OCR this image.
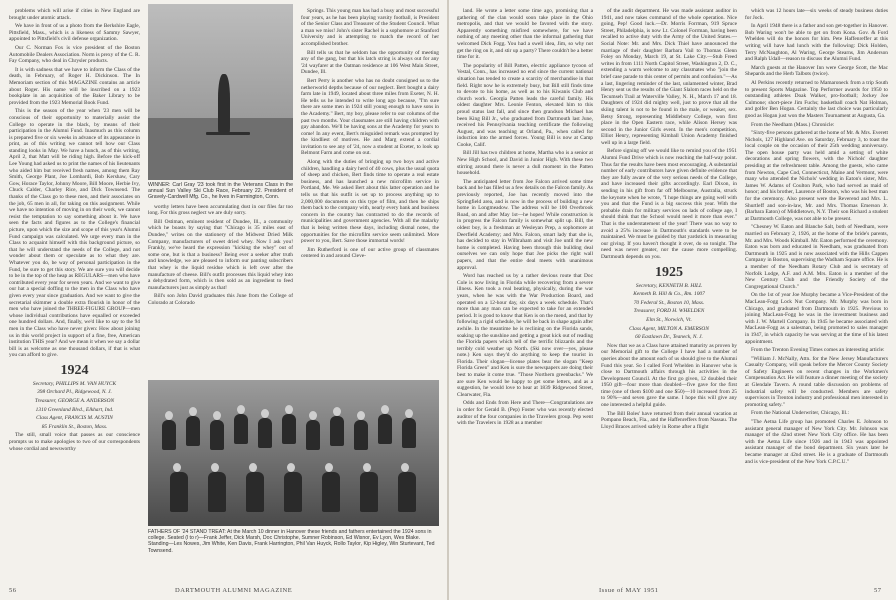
problems which will arise if cities in New England are brought under atomic attack.

We have in front of us a photo from the Berkshire Eagle, Pittsfield, Mass., which is a likeness of Sammy Sawyer, appointed to Pittsfield's civil defense organization.

Our C. Norman Fox is vice president of the Boston Automobile Dealers Association. Norm is prexy of the C. R. Fay Company, who deal in Chrysler products.

It is with sadness that we have to inform the Class of the death, in February, of Roger H. Dickinson. The In Memoriam section of this MAGAZINE contains an article about Roger. His name will be inscribed on a 1923 bookplate in an acquisition of the Baker Library to be provided from the 1923 Memorial Book Fund.

This is the season of the year when '23 men will be conscious of their opportunity to materially assist the College to operate in the black, by means of their participation in the Alumni Fund. Inasmuch as this column is prepared five or six weeks in advance of its appearance in print, as of this writing we cannot tell how our Class standing looks in May. We have a hunch, as of this writing, April 2, that Matt will be riding high. Before the kick-off Lee Young had asked us to print the names of his lieutenants who aided him but received fresh names, among them Ray Smith, George Plant, Joe Lombardi, Bob Kershaw, Cary Gow, Horace Taylor, Johnny Moore, Bill Moore, Herbie Ivy, Chuck Calder, Charley Rice, and Dick Townsend. The thanks of the Class go to these men, and their associates on the job, 65 men in all, for taking on this assignment. While we have no intention of moving in on their work, we cannot resist the temptation to say something about it. We have seen the facts and figures as to the College's financial picture, upon which the size and scope of this year's Alumni Fund campaign was calculated. We urge every man in the Class to acquaint himself with this background picture, so that he will understand the needs of the College, and not wonder about them or speculate as to what they are. Whatever you do, be way of personal participation in the Fund, be sure to get this story. We are sure you will decide to be in the top of the heap as REGULARS—men who have contributed every year for seven years. And we want to give our hat a special doffing to the men in the Class who have given every year since graduation. And we want to give the secretarial skimmer a double extra flourish in honor of the men who have joined the THREE-FIGURE GROUP—men whose individual contributions have equalled or exceeded one hundred dollars. And, finally, we'd like to say to the 94 men in the Class who have never given: How about joining us in this world project in support of a fine, free, American institution THIS year? And we mean it when we say a dollar bill is as welcome as one thousand dollars, if that is what you can afford to give.

1924

Secretary, PHILLIPS M. VAN HUYCK

398 Orchard Pl., Ridgewood, N. J.

Treasurer, GEORGE A. ANDERSON

1310 Greenland Blvd., Elkhart, Ind.

Class Agent, FRANCIS M. AUSTIN

85 Franklin St., Boston, Mass.

The still, small voice that passes as our conscience prompts us to make apologies to two of our correspondents whose cordial and newsworthy

WINNER: Carl Gray '23 took first in the Veterans Class in the annual Sun Valley Ski Club Race, February 22. President of Gravely-Cardwell Mfg. Co., he lives in Farmington, Conn.

worthy letters have been accumulating dust in our files far too long. For this gross neglect we are duly sorry.

Bill Ostiman, eminent resident of Dundee, Ill., a community which he boasts by saying that "Chicago is 35 miles east of Dundee," writes on the stationery of the Midwest Dried Milk Company, manufacturers of sweet dried whey. Now I ask you! Frankly, we've heard the expression "kicking the whey" out of some one, but is that a business? Being ever a seeker after truth and knowledge, we are pleased to inform our panting subscribers that whey is the liquid residue which is left over after the manufacture of cheese. Bill's outfit processes this liquid whey into a dehydrated form, which is then sold as an ingredient to feed manufacturers just as simply as that!

Bill's son John David graduates this June from the College of Colorado at Colorado

Springs. This young man has had a busy and most successful four years, as he has been playing varsity football, is President of the Senior Class and Treasurer of the Student Council. What a man we miss! John's sister Rachel is a sophomore at Stanford University and is attempting to match the record of her accomplished brother.

Bill tells us that he seldom has the opportunity of meeting any of the gang, but that his latch string is always out for any '24 wayfarer at the Oatman residence at 106 West Main Street, Dundee, Ill.

Bert Perry is another who has no doubt consigned us to the netherworld depths because of our neglect. Bert bought a dairy farm late in 1949, located about three miles from Exeter, N. H. He tells us he intended to write long ago because, "I'm sure there are some men in 1924 still young enough to have sons in the Academy." Bert, my boy, please refer to our columns of the past two months. Your classmates are still having children with gay abandon. We'll be having sons at the Academy for years to come! In any event, Bert's misguided remark was prompted by the kindliest of motives. He and Marg extend a cordial invitation to see any of '24, now a student at Exeter, to look up Belmont Farm and come on out.

Along with the duties of bringing up two boys and active children, handling a dairy herd of 40 cows, plus the usual quota of sheep and chicken, Bert finds time to operate a real estate business, and has launched a new microfilm service in Portland, Me. We asked Bert about this latter operation and he tells us that his outfit is set up to process anything up to 2,000,000 documents on this type of film, and then he ships them back to the company with, nearly every bank and business concern in the country has contracted to do the records of municipalities and government agencies. With all the malarky that is being written these days, including dismal notes, the opportunities for the microfilm service seem unlimited. More power to you, Bert. Save those immortal words!

Jim Rutherford is one of our active group of classmates centered in and around Cleve-

FATHERS OF '24 STAND TREAT: At the March 10 dinner in Hanover these friends and fathers entertained the 1924 sons in college. Seated (l to r)—Frank Jeffer, Dick Marsh, Doc Christophe, Sumner Robinson, Ed Wisnor, Ev Lyon, Wes Blake. Standing—Les Nowes, Jim White, Ken Davis, Frank Harrington, Phil Van Huyck, Rollo Taylor, Kip Higley, Win Sturtevant, Ted Townsend.

56	DARTMOUTH ALUMNI MAGAZINE

land. He wrote a letter some time ago, promising that a gathering of the clan would soon take place in the Ohio metropolis, and that we would be favored with the story. Apparently something misfired somewhere, for we have nothing of any meeting other than the informal gathering that welcomed Dick Fogg. You had a swell idea, Jim, so why not get the ring on it, and stir up a party? There couldn't be a better time for it.

The popularity of Bill Patten, electric appliance tycoon of Vestal, Conn., has increased no end since the current national situation has tended to create a scarcity of merchandise in that field. Right now he is extremely busy, but Bill still finds time to devote to his home, as well as to his Kiwanis Club and church work. Georgia Patten leads the careful family. His oldest daughter Mrs. Leonie Fenton, elevated him to this proud status last fall, and since then grandson Michael has been King Bill Jr., who graduated from Dartmouth last June, received his Pennsylvania teaching certificate the following August, and was teaching at Orland, Pa., when called for induction into the armed forces. Young Bill is now at Camp Cooke, Calif.

Bill Jill has two children at home, Martha who is a senior at New High School, and David in Junior High. With these two stirring around there is never a dull moment in the Patten household.

The anticipated letter from Joe Falcon arrived some time back and he has filled us a few details on the Falcon family. As previously reported, Joe has recently moved into the Springfield area, and is now in the process of building a new home in Longmeadow. The address will be 100 Overbrook Road, on and after May 1st—he hopes! While construction is in progress the Falcon family is somewhat split up. Bill, the oldest boy, is a freshman at Wesleyan Prep, a sophomore at Deerfield Academy; and Mrs. Falcon, smart lady that she is, has decided to stay in Wilbraham and visit Joe until the new home is completed. Having been through this building deal ourselves we can only hope that Joe picks the right wall papers, and that the entire deal meets with unanimous approval.

Word has reached us by a rather devious route that Doc Cole is now living in Florida while recovering from a severe illness. Ken took a real beating, physically, during the war years, when he was with the War Production Board, and operated on a 12-hour day, six days a week schedule. That's more than any man can be expected to take for an extended period. It is good to know that Ken is on the mend, and that by following a rigid schedule, he will be back in shape again after awhile. In the meantime he is reclining on the Florida sands, soaking up the sunshine and getting a great kick out of reading the Florida papers which tell of the terrific blizzards and the terribly cold weather up North. (Ski now over—yes, please note.) Ken says they'd do anything to keep the tourist in Florida. Their slogan—license plates bear the slogan "Keep Florida Green" and Ken is sure the newspapers are doing their best to make it come true. "Those Northern greenbacks." We are sure Ken would be happy to get some letters, and as a suggestion, he would love to hear at 1839 Ridgewood Street, Clearwater, Fla.

Odds and Ends from Here and There—Congratulations are in order for Gerald B. (Pep) Foster who was recently elected auditor of the four companies in the Travelers group. Pep went with the Travelers in 1928 as a member

of the audit department. He was made assistant auditor in 1941, and now takes command of the whole operation. Nice going, Pep! Good luck.—Dr. Morris Forrman, 919 Spruce Street, Philadelphia, is now Lt. Colonel Forrman, having been recalled to active duty with the Army of the United States.—Social Note: Mr. and Mrs. Dick Thiel have announced the marriage of their daughter Barbara Vail to Thomas Glenn Foley on Monday, March 19, at St. Lake City.—Stub Freed writes in from 1111 North Capitol Street, Washington 2, D. C., extending a warm welcome to any classmates who "join the brief case parade to this center of permits and confusion."—As a last, lingering reminder of the last, unlamented winter, Brad Henry sent us the results of the Giant Slalom races held on the Tecumseh Trail at Waterville Valley, N. H., March 17 and 18. Daughters of 1924 did mighty well, just to prove that all the skiing talent is not to be found in the male, or weaker, sex. Betsy Strong, representing Middlebury College, won first place in the Open Eastern race, while Alison Hersey was second in the Junior Girls event. In the men's competition, Elliot Henry, representing Kimball Union Academy finished well up in a large field.

Before signing off we would like to remind you of the 1951 Alumni Fund Drive which is now reaching the half-way point. Thus far the results have been most encouraging. A substantial number of early contributors have given definite evidence that they are fully aware of the very serious needs of the College, and have increased their gifts accordingly. Earl Dixon, in sending in his gift from far off Melbourne, Australia, struck the keynote when he wrote, "I hope things are going well with you and that the Fund is a big success this year. With the probable drain for military services on lads of college age, I should think that the School would need it more than ever." That is the understatement of the year! There was no way to avoid a 25% increase in Dartmouth's standards were to be maintained. We must be guided by that yardstick in measuring our giving. If you haven't thought it over, do so tonight. The need was never greater, nor the cause more compelling. Dartmouth depends on you.

1925

Secretary, KENNETH B. HILL

Kenneth B. Hill & Co., Rm. 1007

70 Federal St., Boston 10, Mass.

Treasurer, FORD H. WHELDEN

Elm St., Norwich, Vt.

Class Agent, MILTON A. EMERSON

60 Eastlawn Dr., Teaneck, N. J.

Now that we as a Class have attained maturity as proven by our Memorial gift to the College I have had a number of queries about the amount each of us should give to the Alumni Fund this year. So I called Ford Whelden in Hanover who is close to Dartmouth affairs through his activities in the Development Council. At the first go given, 12 doubled their 1950 gift—four more than doubled—five gave for the first time (one of them $100 and one $50)—10 increased from 25 to 90%—and seven gave the same. I hope this will give any one interested a helpful guide.

The Bill Boles' have returned from their annual vacation at Pompano Beach, Fla., and the Haffenreffers from Nassau. The Lloyd Braces arrived safely in Rome after a flight

which was 12 hours late—six weeks of steady business duties for Jock.

In April 1948 there is a father and son get-together in Hanover. Bob Waring won't be able to get on from Kona. Gov. & Ford Whelden will do the honors for him. Pete Haffenreffer at this writing will have had lunch with the following: Dick Holden, Terry McNaughton, Al Waring, George Stearns, Jim Anderson and Ralph Udall—reason to discuss the Alumni Fund.

March guests at the Hanover Inn were George Scott, the Mac Shepards and the Herb Talbots (twice).

Al Perkins recently returned to Mamaroneck from a trip South to present Sports Magazine. Top Performer awards for 1950 to outstanding athletes Doak Walker, pro-football; Jockey Joe Culmone; short-piece Jim Fuchs; basketball coach Nat Holman, and golfer Ben Hogan. Certainly the last choice was particularly good as Hogan just won the Masters Tournament at Augusta, Ga.

From the Needham (Mass.) Chronicle:

"Sixty-five persons gathered at the home of Mr. & Mrs. Everett Nichols, 127 Highland Ave. on Saturday, February 3, to toast the local couple on the occasion of their 25th wedding anniversary. The open house party was held amid a setting of white decorations and spring flowers, with the Nichols' daughter presiding at the refreshment table. Among the guests, who came from Newton, Cape Cod, Connecticut, Maine and Vermont, were many who attended the Nichols' wedding in Eaton's sister, Mrs. James W. Adams of Coulton Park, who had served as maid of honor; and his brother, Laurence of Boston, who was his best man for the ceremony. Also present were the Reverend and Mrs. L. Shurtleff and son-in-law, Mr. and Mrs. Thomas Emerson Jr. (Barbara Eaton) of Middletown, N.Y. Their son Richard a student at Dartmouth College, was not able to be present.

"Chesney W. Eaton and Blanche Salt, both of Needham, were married on February 2, 1926, at the home of the bride's parents, Mr. and Mrs. Woods Kimball. Mr. Eaton performed the ceremony. Eaton was born and educated in Needham, was graduated from Dartmouth in 1925 and is now associated with the Hills Cappen Company in Boston, supervising the Wadham Square office. He is a member of the Needham Rotary Club and is secretary of Norfolk Lodge, A.F. and A.M. Mrs. Eaton is a member of the New Century Club and the Friendly Society of the Congregational Church."

On the 1st of year Joe Murphy became a Vice-President of the MacLean-Fogg Lock Nut Company. Mr. Murphy was born in Chicago, and graduated from Dartmouth in 1925. Previous to joining MacLean-Fogg he was in the investment business and with J. W. Martell Company. In 1945 he became associated with MacLean-Fogg as a salesman, being promoted to sales manager in 1947, in which capacity he was serving at the time of his latest appointment.

From the Trenton Evening Times comes an interesting article:

"William J. McNally, Attn. for the New Jersey Manufacturers Casualty Company, will speak before the Mercer County Society of Safety Engineers on recent changes in the Workmen's Compensation Act. He will feature a dinner meeting of the society at Glendale Tavern. A round table discussion on problems of industrial safety will be conducted. Members are safety supervisors in Trenton industry and professional men interested in promoting safety."

From the National Underwriter, Chicago, Ill.:

"The Aetna Life group has promoted Charles E. Johnson to assistant general manager of New York City. Mr. Johnson was manager of the 42nd street New York City office. He has been with the Aetna Life since 1926 and in 1943 was appointed assistant manager of the bond department. Six years later he became manager at 42nd street. He is a graduate of Dartmouth and is vice-president of the New York C.P.C.U."

Issue of MAY 1951	57
